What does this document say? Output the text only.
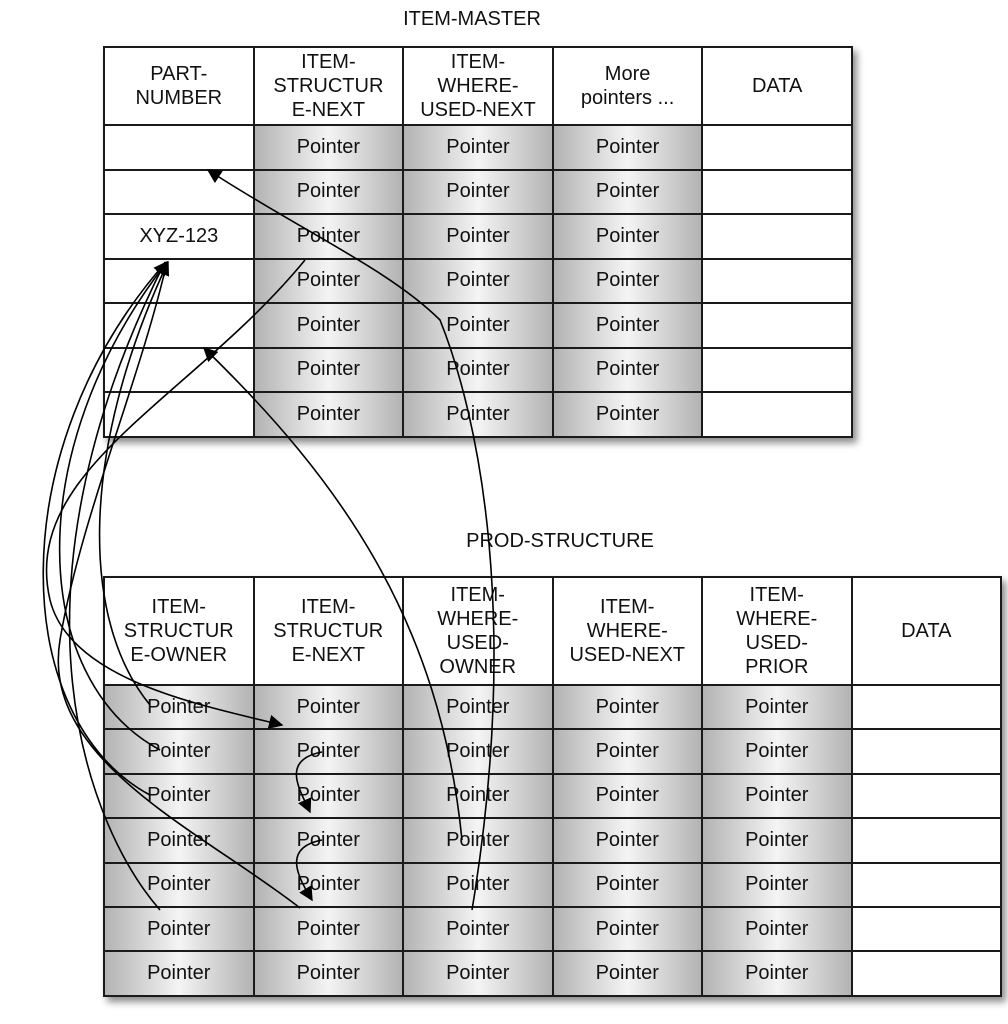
ITEM-MASTER
PROD-STRUCTURE
PART-
NUMBER	ITEM-
STRUCTUR
E-NEXT	ITEM-
WHERE-
USED-NEXT	More
pointers ...	DATA
	Pointer	Pointer	Pointer	
	Pointer	Pointer	Pointer	
XYZ-123	Pointer	Pointer	Pointer	
	Pointer	Pointer	Pointer	
	Pointer	Pointer	Pointer	
	Pointer	Pointer	Pointer	
	Pointer	Pointer	Pointer	
ITEM-
STRUCTUR
E-OWNER	ITEM-
STRUCTUR
E-NEXT	ITEM-
WHERE-
USED-
OWNER	ITEM-
WHERE-
USED-NEXT	ITEM-
WHERE-
USED-
PRIOR	DATA
Pointer	Pointer	Pointer	Pointer	Pointer	
Pointer	Pointer	Pointer	Pointer	Pointer	
Pointer	Pointer	Pointer	Pointer	Pointer	
Pointer	Pointer	Pointer	Pointer	Pointer	
Pointer	Pointer	Pointer	Pointer	Pointer	
Pointer	Pointer	Pointer	Pointer	Pointer	
Pointer	Pointer	Pointer	Pointer	Pointer	
